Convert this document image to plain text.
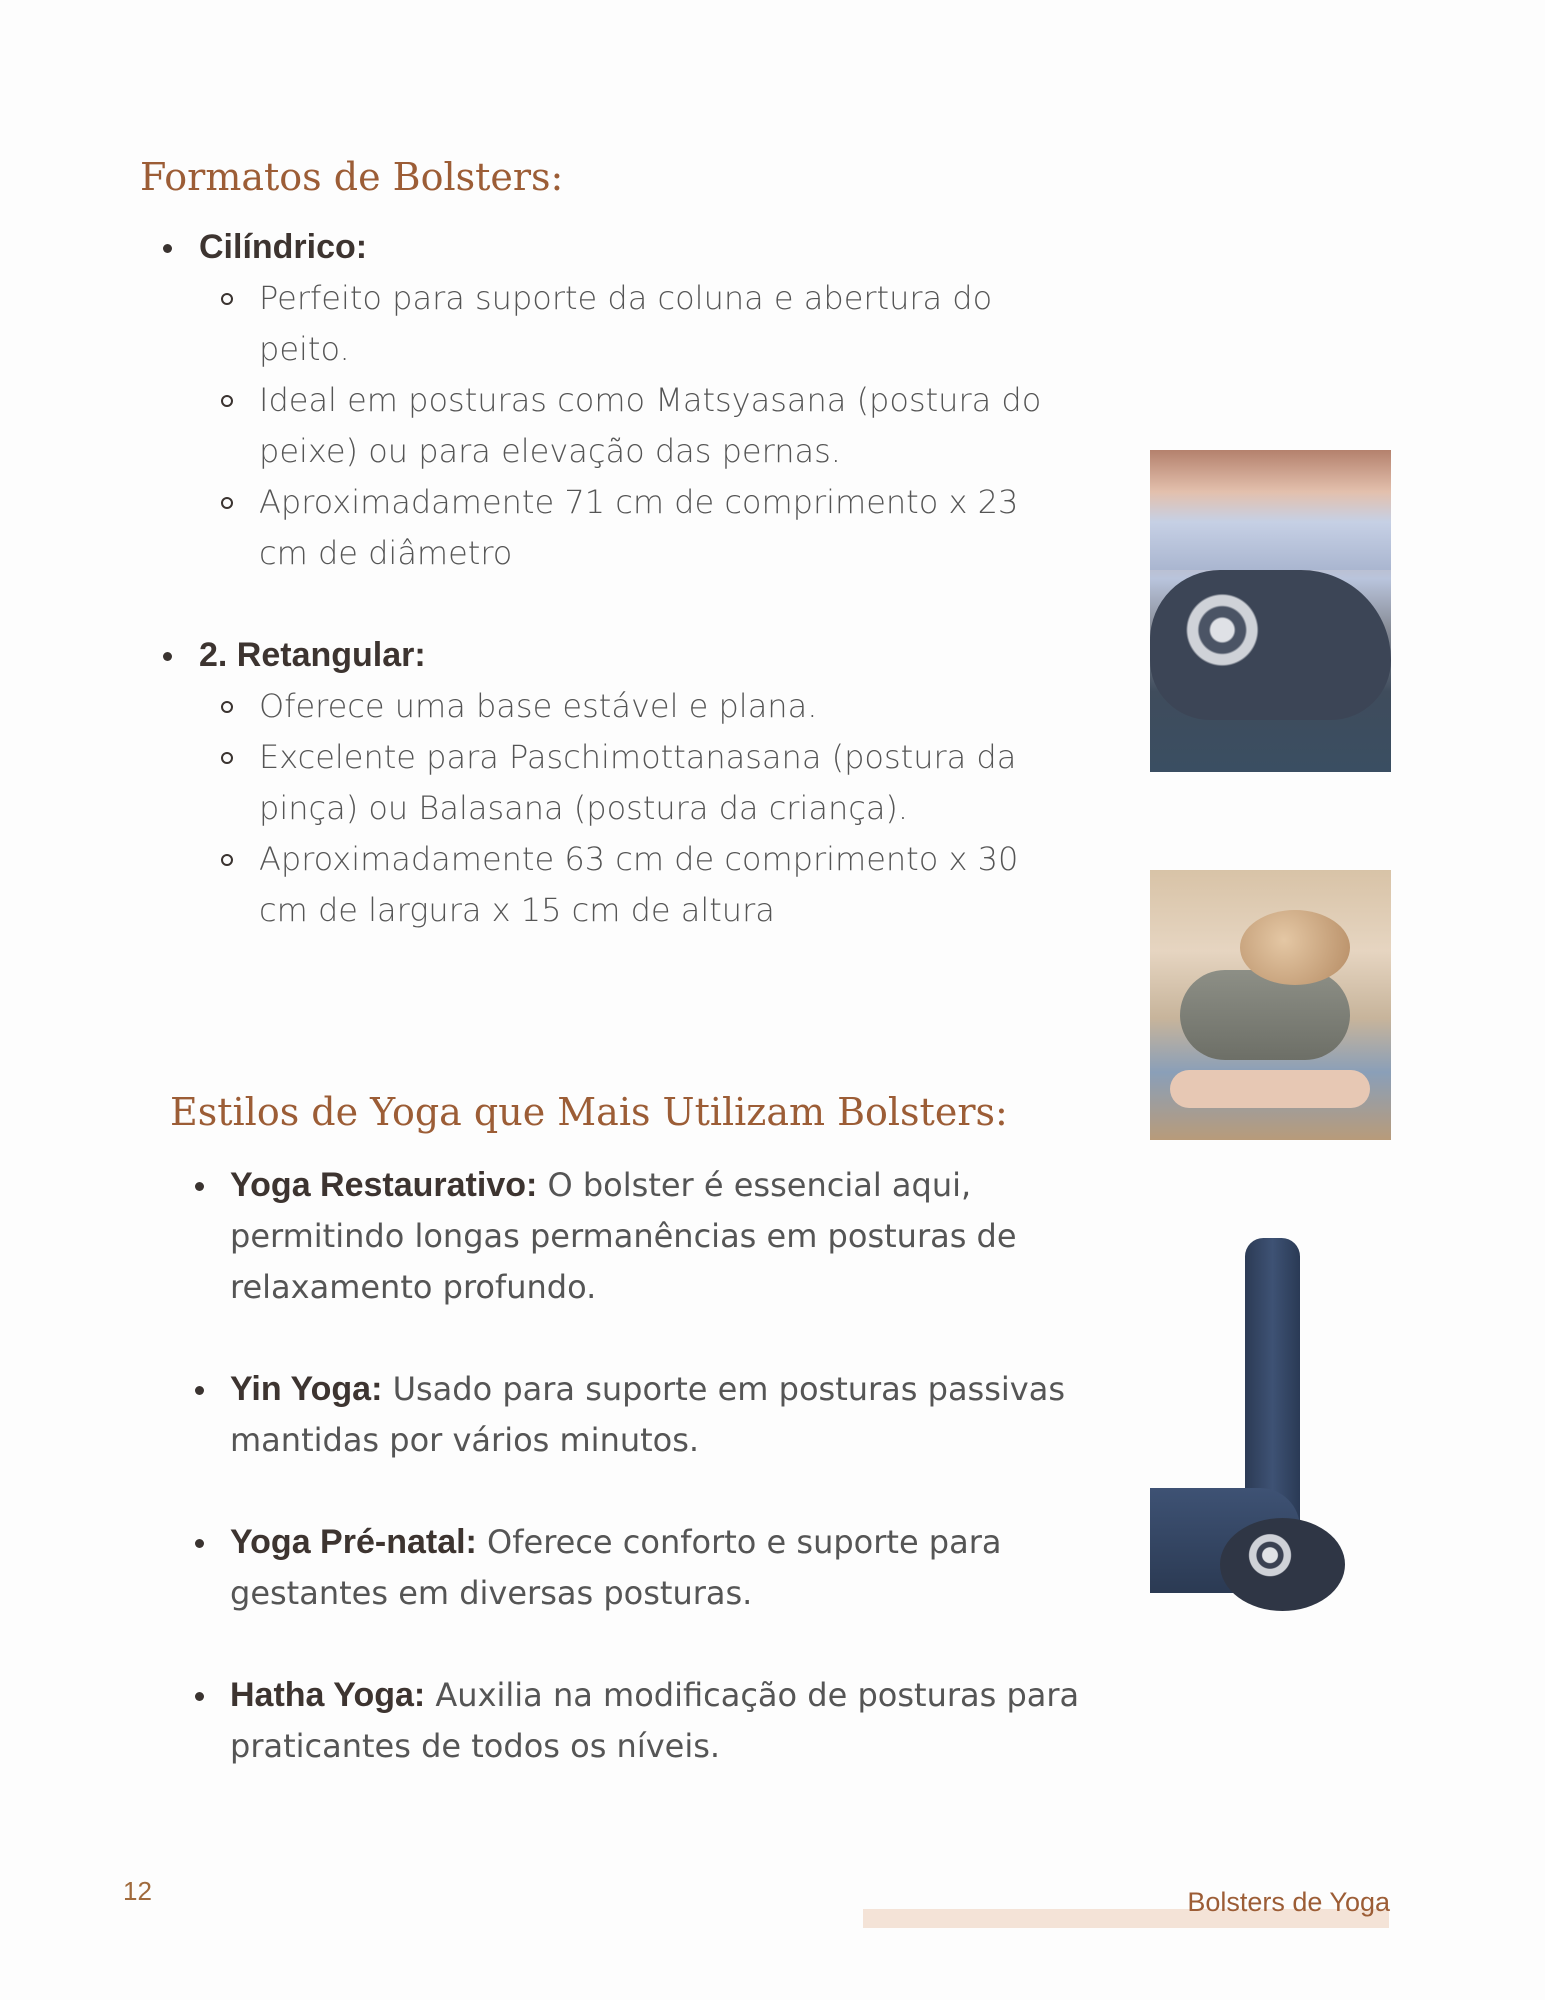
Formatos de Bolsters:
Cilíndrico:
Perfeito para suporte da coluna e abertura do peito.
Ideal em posturas como Matsyasana (postura do peixe) ou para elevação das pernas.
Aproximadamente 71 cm de comprimento x 23 cm de diâmetro
2. Retangular:
Oferece uma base estável e plana.
Excelente para Paschimottanasana (postura da pinça) ou Balasana (postura da criança).
Aproximadamente 63 cm de comprimento x 30 cm de largura x 15 cm de altura
Estilos de Yoga que Mais Utilizam Bolsters:
Yoga Restaurativo: O bolster é essencial aqui, permitindo longas permanências em posturas de relaxamento profundo.
Yin Yoga: Usado para suporte em posturas passivas mantidas por vários minutos.
Yoga Pré-natal: Oferece conforto e suporte para gestantes em diversas posturas.
Hatha Yoga: Auxilia na modificação de posturas para praticantes de todos os níveis.
12	Bolsters de Yoga
